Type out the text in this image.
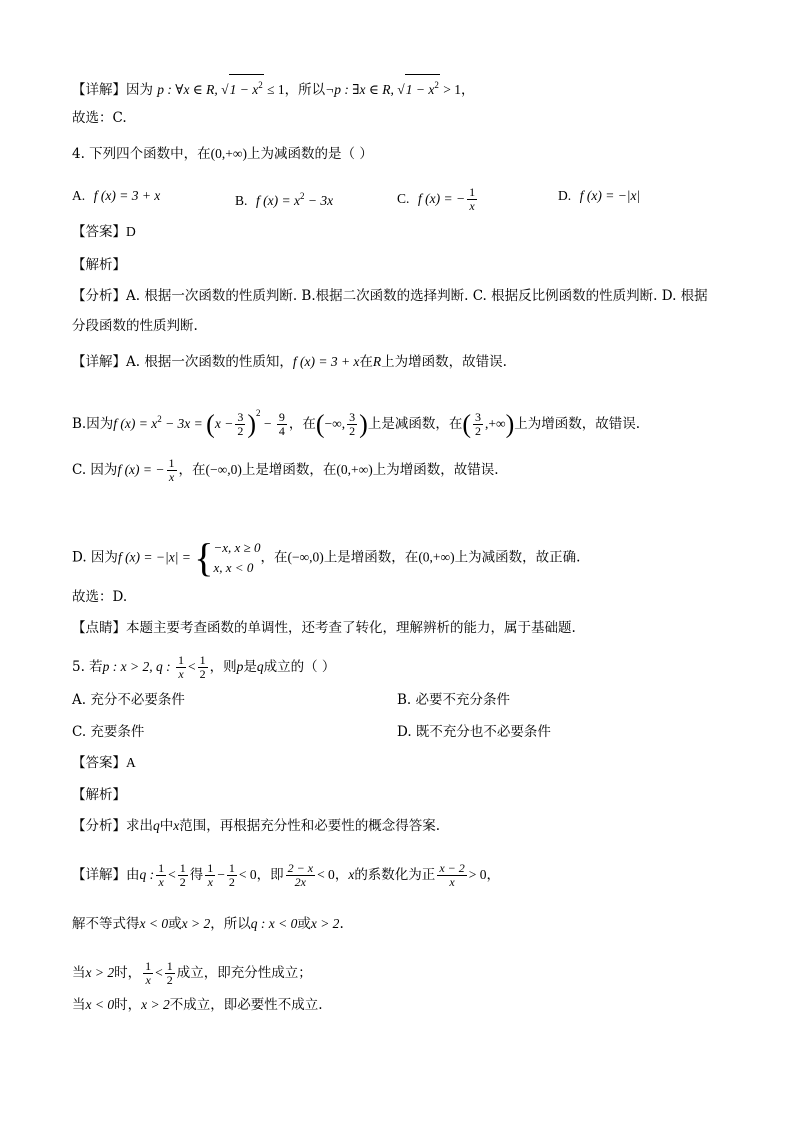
【详解】因为 p : ∀x ∈ R, $√1 - x^2 \le 1$，所以¬p : ∃x ∈ R, $√1 - x^2 > 1$，
故选：C.
4. 下列四个函数中，在(0,+∞)上为减函数的是（ ）
A. f (x) = 3 + x	B. f $(x) = x^2 - 3x$	C. f (x) = − $\frac{1}{x}$	D. f (x) = −|x|
【答案】D
【解析】
【分析】A. 根据一次函数的性质判断. B.根据二次函数的选择判断. C. 根据反比例函数的性质判断. D. 根据
分段函数的性质判断.
【详解】A. 根据一次函数的性质知，f (x) = 3 + x在R上为增函数，故错误.
B.因为f $(x) = x^2 - 3x = (x - \frac{3}{2} )^2 - \frac{9}{4}$ ，在(−∞, $\frac{3}{2}$ )上是减函数，在( $\frac{3}{2}$ ,+∞)上为增函数，故错误.
C. 因为f (x) = − $\frac{1}{x}$ ，在(−∞,0)上是增函数，在(0,+∞)上为增函数，故错误.
D. 因为f (x) = −|x| = { −x, x ≥ 0
x, x < 0
，在(−∞,0)上是增函数，在(0,+∞)上为减函数，故正确.
故选：D.
【点睛】本题主要考查函数的单调性，还考查了转化，理解辨析的能力，属于基础题.
5. 若p : x > 2, q : $\frac{1}{x} < \frac{1}{2}$ ，则p是q成立的（ ）
A. 充分不必要条件	B. 必要不充分条件
C. 充要条件	D. 既不充分也不必要条件
【答案】A
【解析】
【分析】求出q中x范围，再根据充分性和必要性的概念得答案.
【详解】由q : $\frac{1}{x} < \frac{1}{2}$ 得 $\frac{1}{x} - \frac{1}{2} < 0$，即 $\frac{2 - x}{2x} < 0$，x的系数化为正 $\frac{x - 2}{x} > 0$，
解不等式得x < 0或x > 2，所以q : x < 0或x > 2.
当x > 2时， $\frac{1}{x} < \frac{1}{2}$ 成立，即充分性成立；
当x < 0时，x > 2不成立，即必要性不成立.
